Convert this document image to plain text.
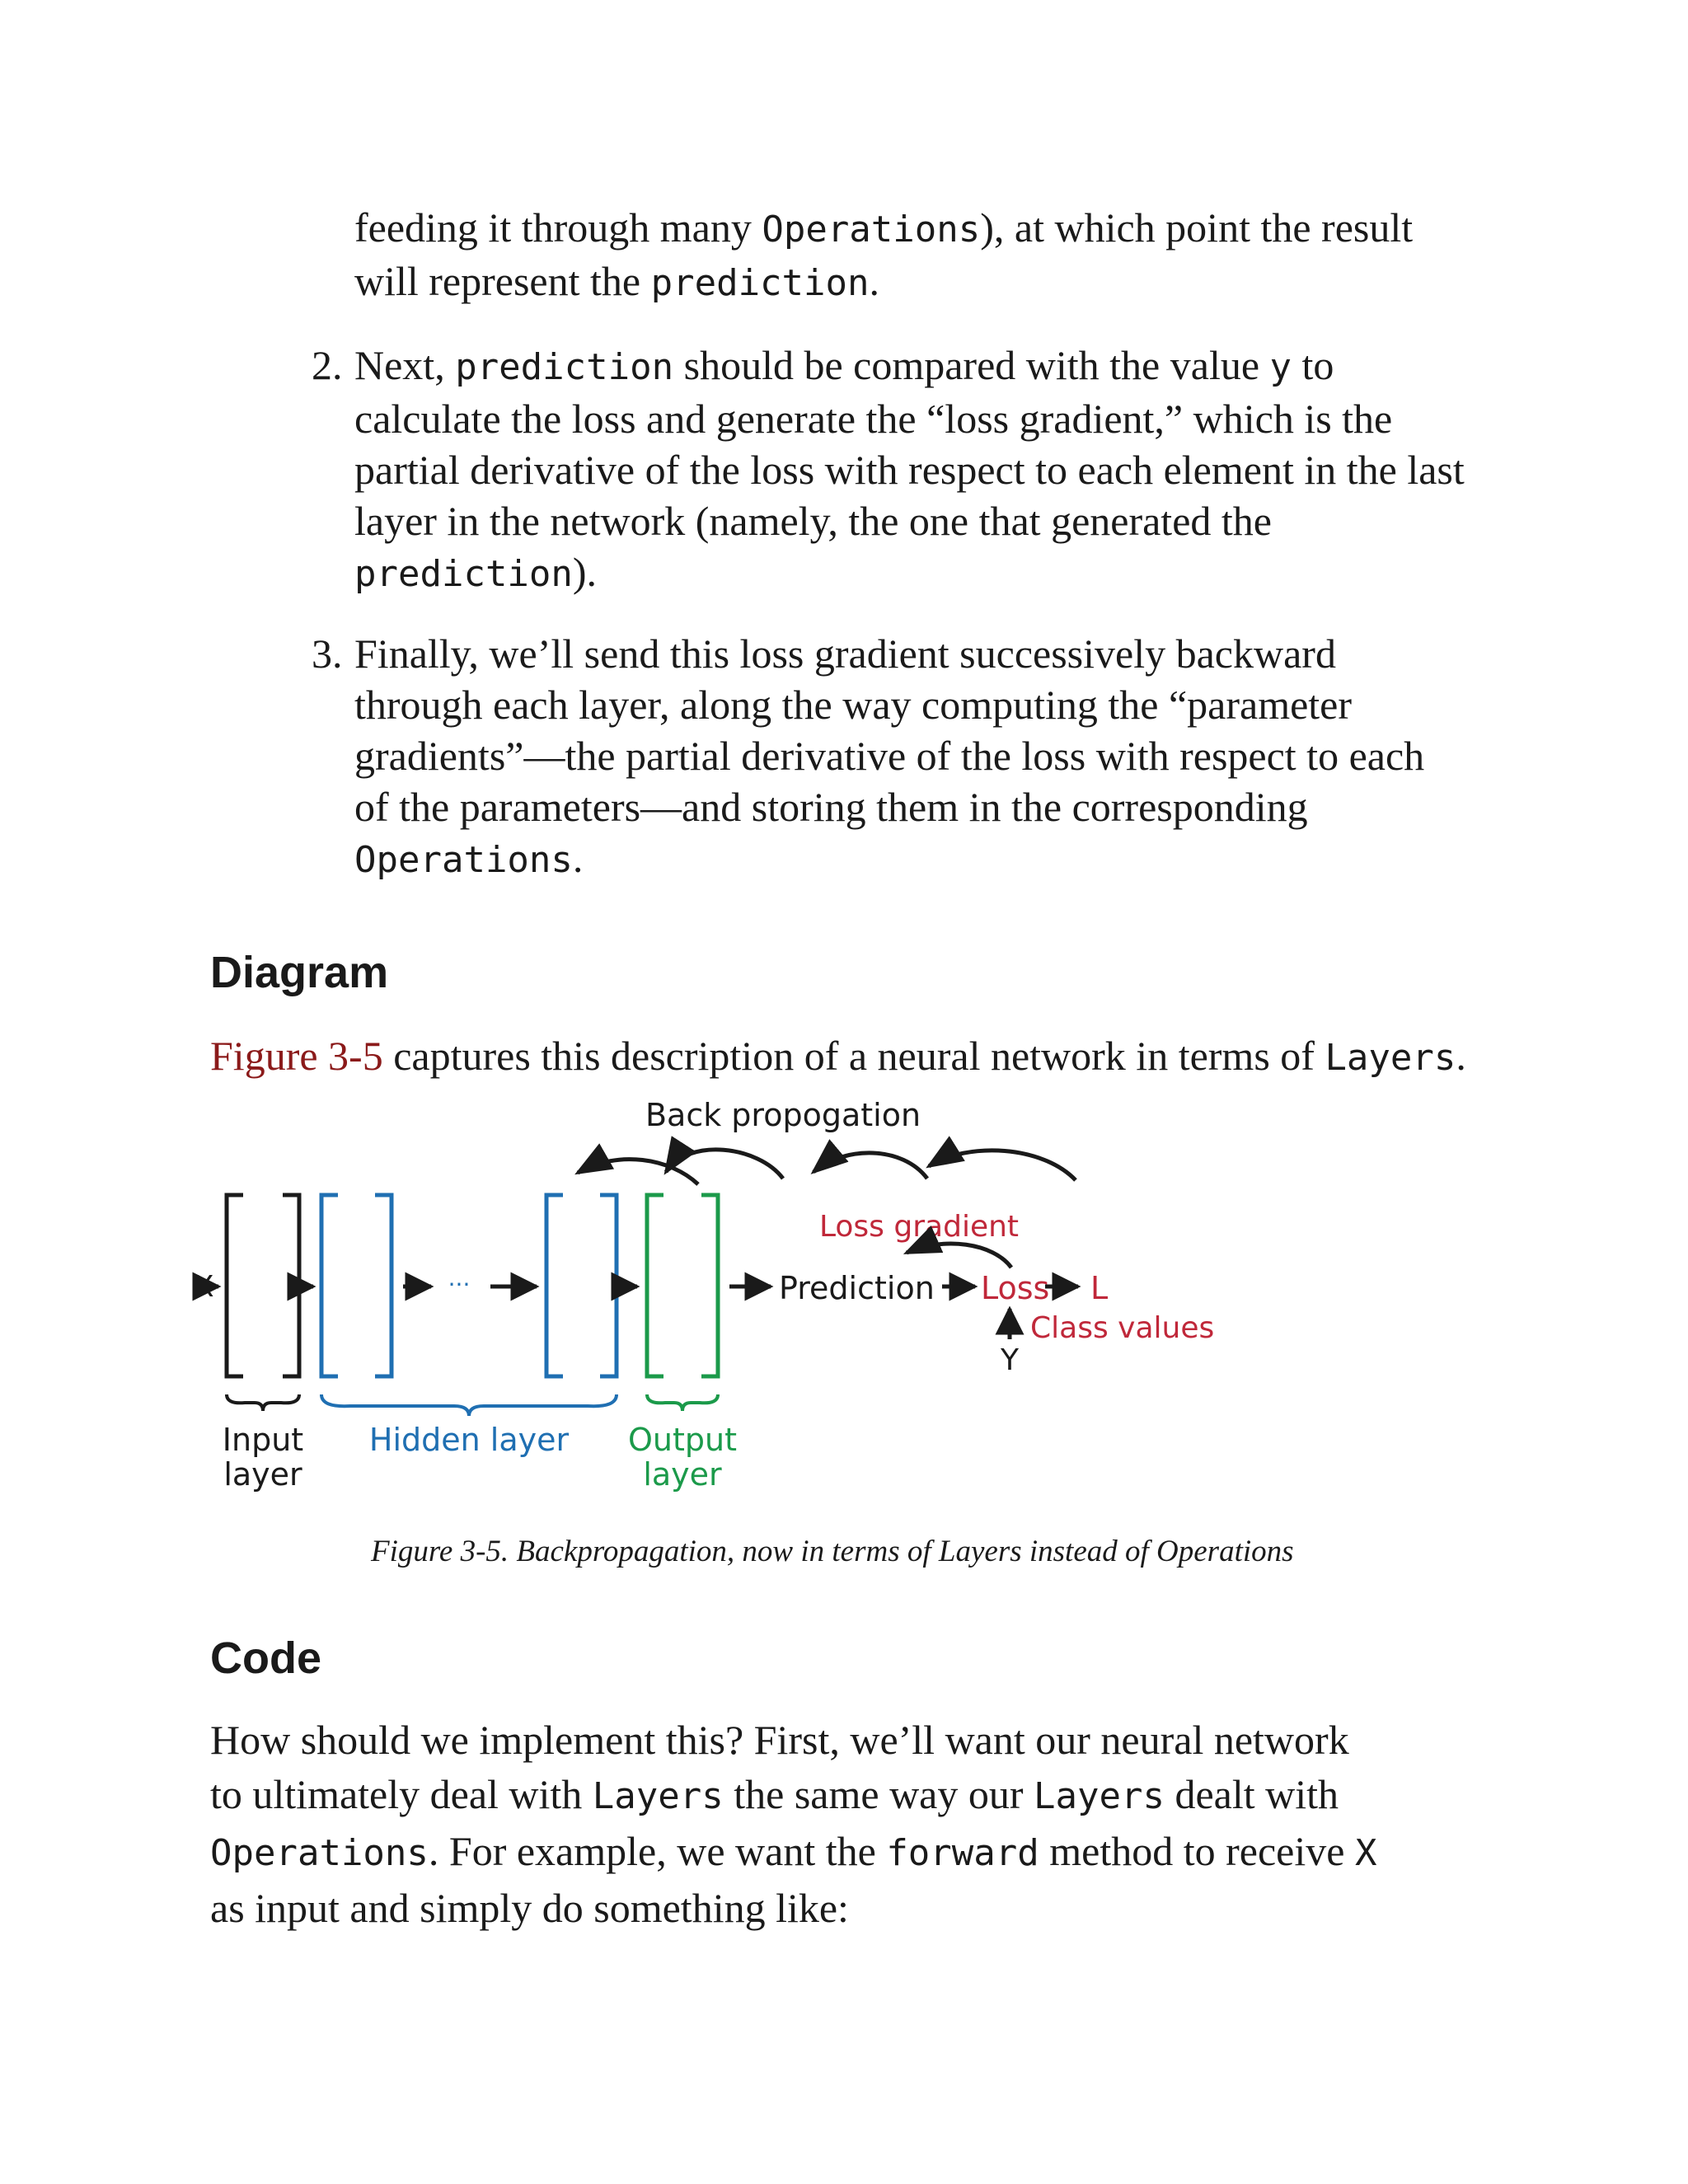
feeding it through many Operations), at which point the result
will represent the prediction.

2. Next, prediction should be compared with the value y to calculate the loss and generate the “loss gradient,” which is the partial derivative of the loss with respect to each element in the last layer in the network (namely, the one that generated the prediction).

3. Finally, we’ll send this loss gradient successively backward through each layer, along the way computing the “parameter gradients”—the partial derivative of the loss with respect to each of the parameters—and storing them in the corresponding Operations.

Diagram

Figure 3-5 captures this description of a neural network in terms of Layers.

Back propogation
X	···	Prediction Loss L
Loss gradient
Y
Class values
Input
layer
Hidden layer Output
layer
Figure 3-5. Backpropagation, now in terms of Layers instead of Operations
Code

How should we implement this? First, we’ll want our neural network to ultimately deal with Layers the same way our Layers dealt with Operations. For example, we want the forward method to receive X as input and simply do something like:
